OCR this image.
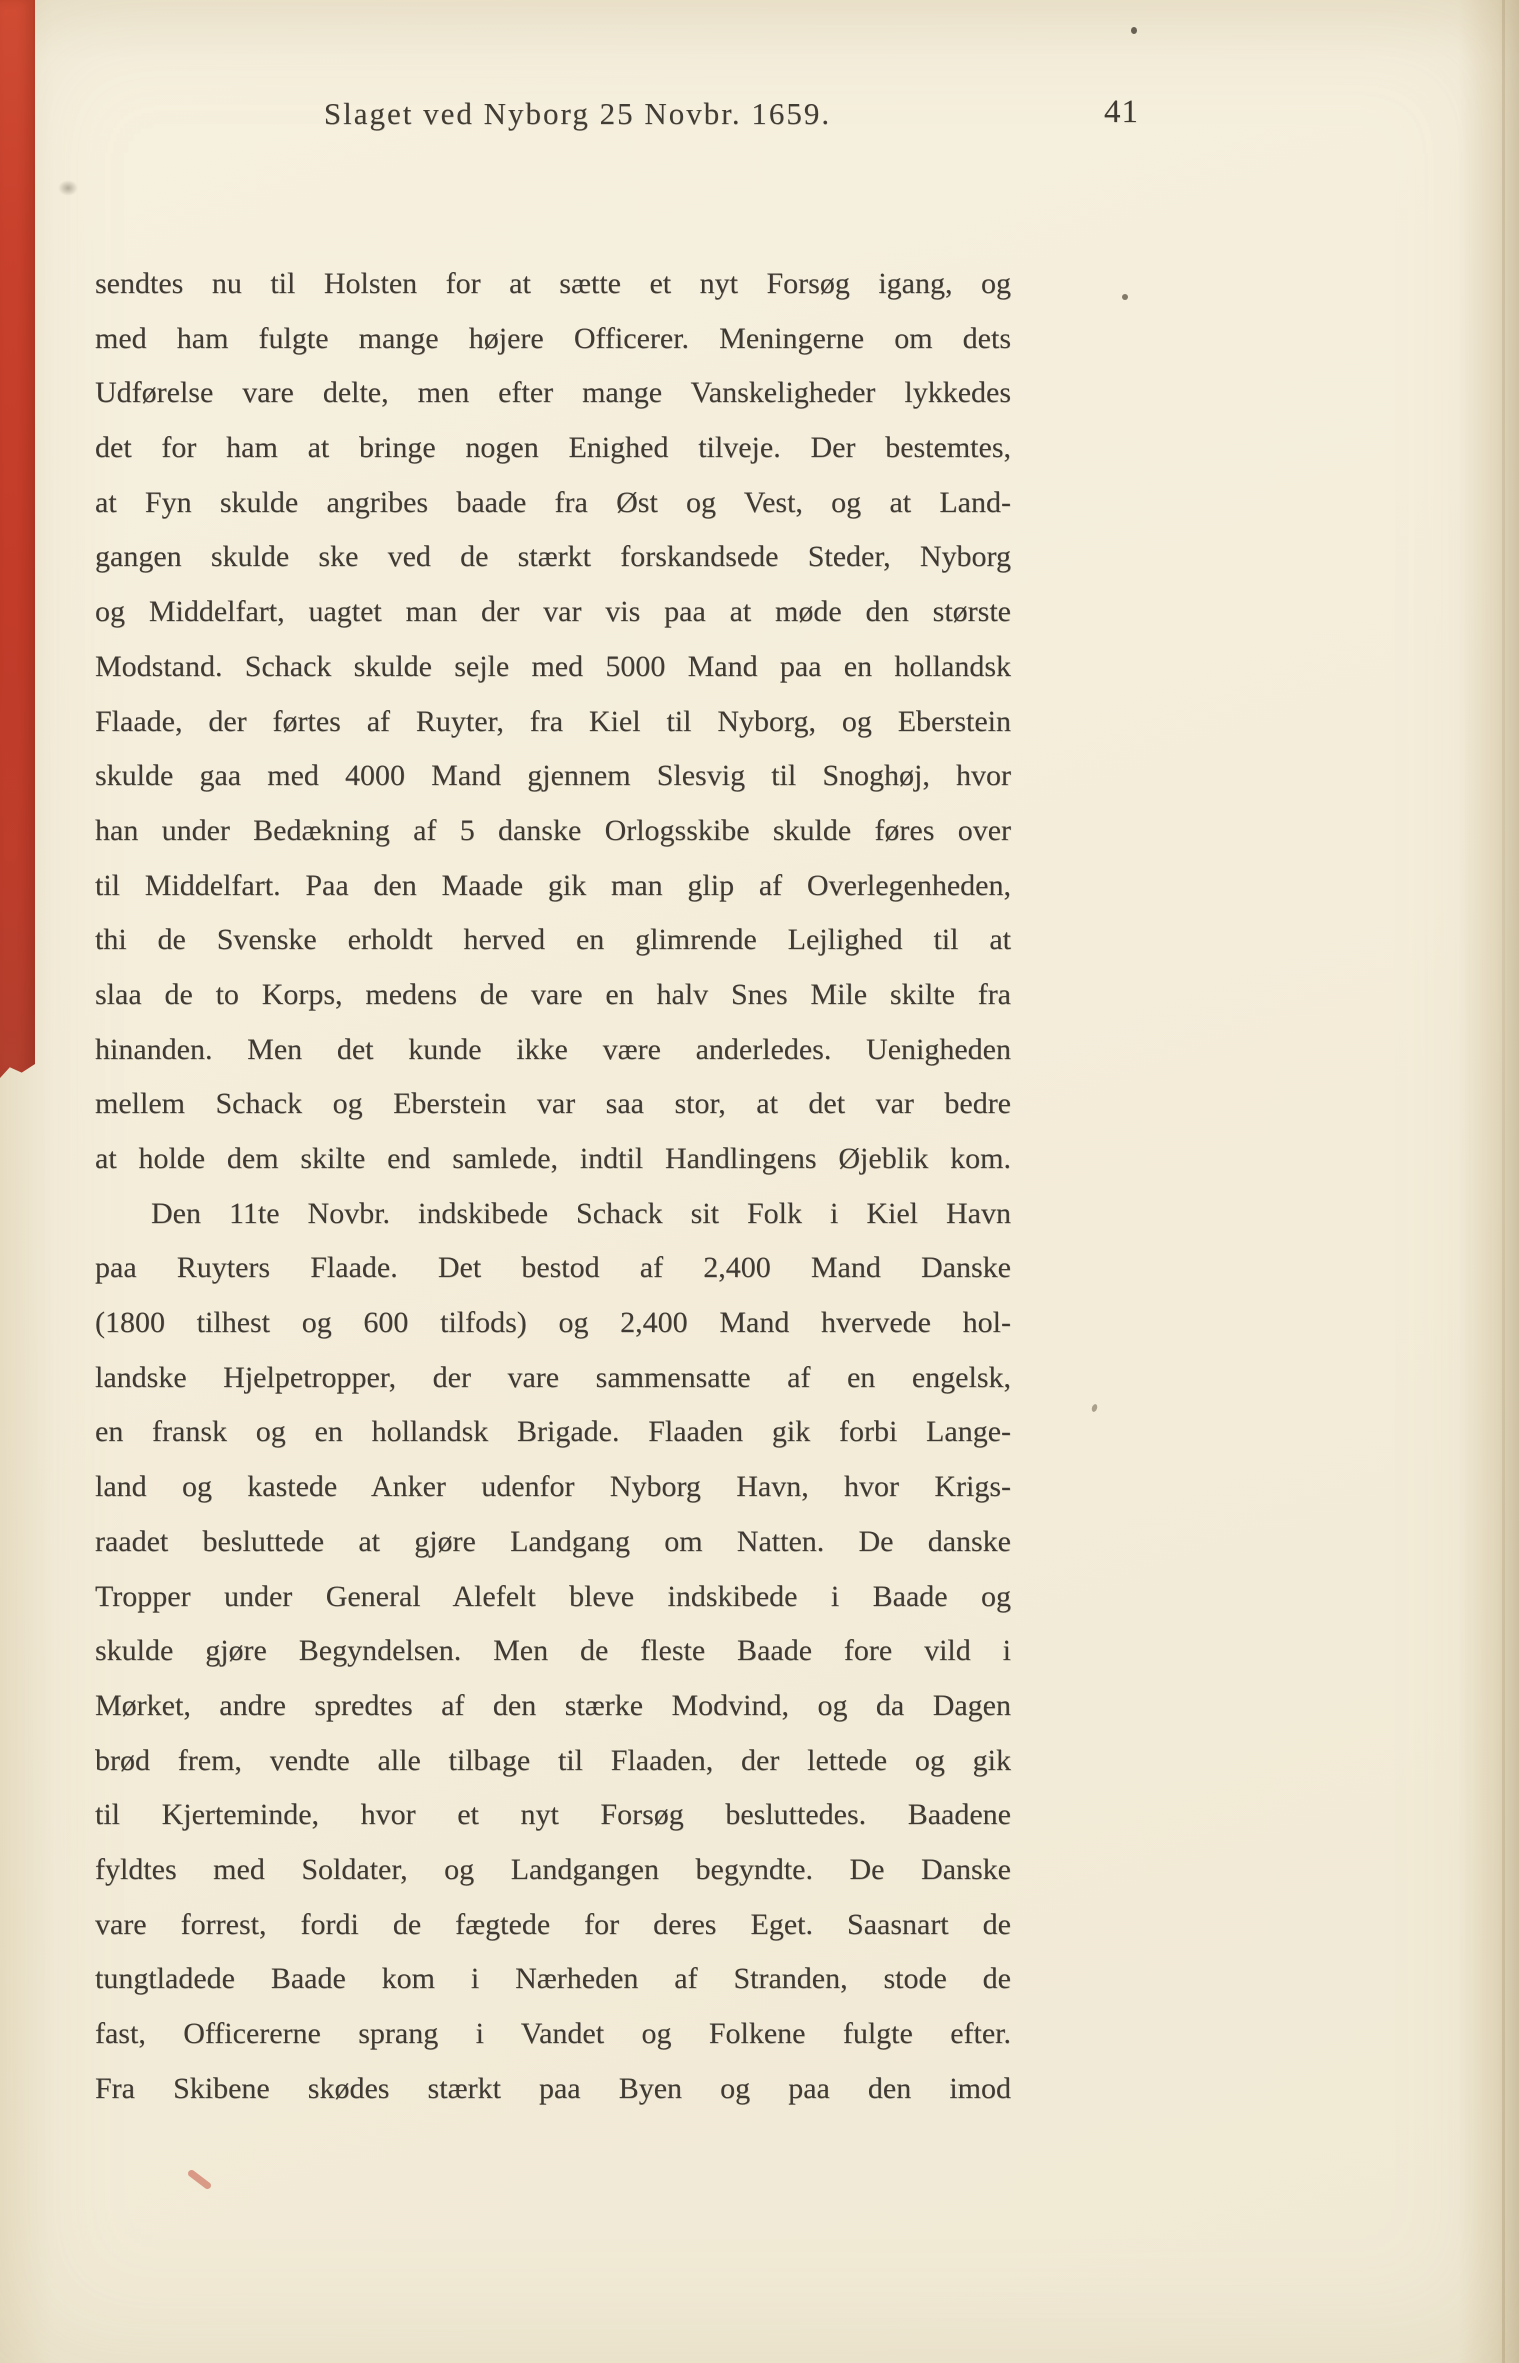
Slaget ved Nyborg 25 Novbr. 1659.	41
sendtes nu til Holsten for at sætte et nyt Forsøg igang, og
med ham fulgte mange højere Officerer. Meningerne om dets
Udførelse vare delte, men efter mange Vanskeligheder lykkedes
det for ham at bringe nogen Enighed tilveje. Der bestemtes,
at Fyn skulde angribes baade fra Øst og Vest, og at Land-
gangen skulde ske ved de stærkt forskandsede Steder, Nyborg
og Middelfart, uagtet man der var vis paa at møde den største
Modstand. Schack skulde sejle med 5000 Mand paa en hollandsk
Flaade, der førtes af Ruyter, fra Kiel til Nyborg, og Eberstein
skulde gaa med 4000 Mand gjennem Slesvig til Snoghøj, hvor
han under Bedækning af 5 danske Orlogsskibe skulde føres over
til Middelfart. Paa den Maade gik man glip af Overlegenheden,
thi de Svenske erholdt herved en glimrende Lejlighed til at
slaa de to Korps, medens de vare en halv Snes Mile skilte fra
hinanden. Men det kunde ikke være anderledes. Uenigheden
mellem Schack og Eberstein var saa stor, at det var bedre
at holde dem skilte end samlede, indtil Handlingens Øjeblik kom.
Den 11te Novbr. indskibede Schack sit Folk i Kiel Havn
paa Ruyters Flaade. Det bestod af 2,400 Mand Danske
(1800 tilhest og 600 tilfods) og 2,400 Mand hvervede hol-
landske Hjelpetropper, der vare sammensatte af en engelsk,
en fransk og en hollandsk Brigade. Flaaden gik forbi Lange-
land og kastede Anker udenfor Nyborg Havn, hvor Krigs-
raadet besluttede at gjøre Landgang om Natten. De danske
Tropper under General Alefelt bleve indskibede i Baade og
skulde gjøre Begyndelsen. Men de fleste Baade fore vild i
Mørket, andre spredtes af den stærke Modvind, og da Dagen
brød frem, vendte alle tilbage til Flaaden, der lettede og gik
til Kjerteminde, hvor et nyt Forsøg besluttedes. Baadene
fyldtes med Soldater, og Landgangen begyndte. De Danske
vare forrest, fordi de fægtede for deres Eget. Saasnart de
tungtladede Baade kom i Nærheden af Stranden, stode de
fast, Officererne sprang i Vandet og Folkene fulgte efter.
Fra Skibene skødes stærkt paa Byen og paa den imod
